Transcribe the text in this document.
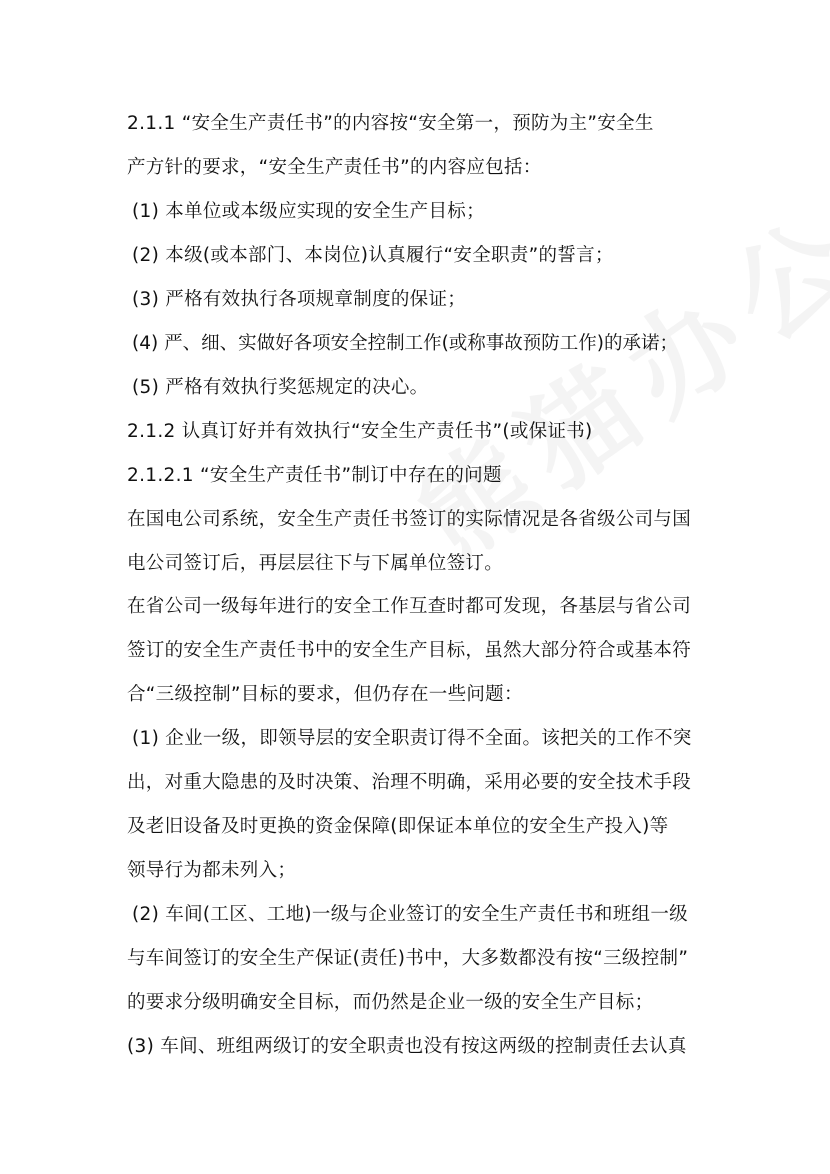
2.1.1 “安全生产责任书”的内容按“安全第一，预防为主”安全生
产方针的要求，“安全生产责任书”的内容应包括：
(1) 本单位或本级应实现的安全生产目标；
(2) 本级(或本部门、本岗位)认真履行“安全职责”的誓言；
(3) 严格有效执行各项规章制度的保证；
(4) 严、细、实做好各项安全控制工作(或称事故预防工作)的承诺；
(5) 严格有效执行奖惩规定的决心。
2.1.2 认真订好并有效执行“安全生产责任书”(或保证书)
2.1.2.1 “安全生产责任书”制订中存在的问题
在国电公司系统，安全生产责任书签订的实际情况是各省级公司与国
电公司签订后，再层层往下与下属单位签订。
在省公司一级每年进行的安全工作互查时都可发现，各基层与省公司
签订的安全生产责任书中的安全生产目标，虽然大部分符合或基本符
合“三级控制”目标的要求，但仍存在一些问题：
(1) 企业一级，即领导层的安全职责订得不全面。该把关的工作不突
出，对重大隐患的及时决策、治理不明确，采用必要的安全技术手段
及老旧设备及时更换的资金保障(即保证本单位的安全生产投入)等
领导行为都未列入；
(2) 车间(工区、工地)一级与企业签订的安全生产责任书和班组一级
与车间签订的安全生产保证(责任)书中，大多数都没有按“三级控制”
的要求分级明确安全目标，而仍然是企业一级的安全生产目标；
(3) 车间、班组两级订的安全职责也没有按这两级的控制责任去认真
